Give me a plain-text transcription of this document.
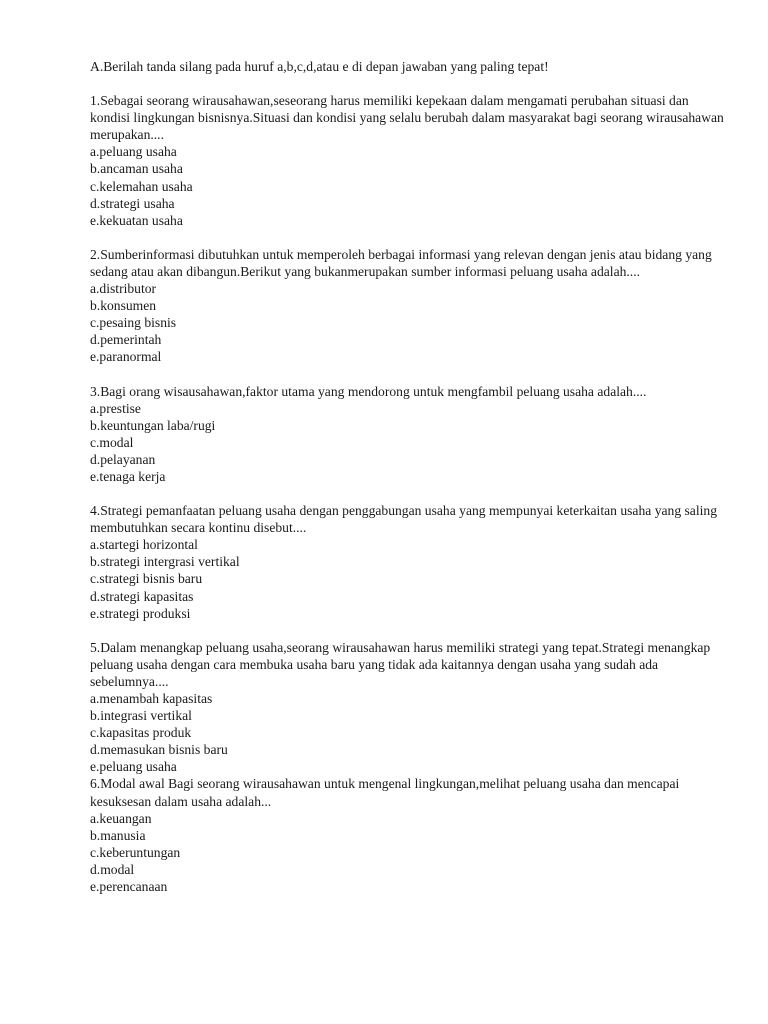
A.Berilah tanda silang pada huruf a,b,c,d,atau e di depan jawaban yang paling tepat!

1.Sebagai seorang wirausahawan,seseorang harus memiliki kepekaan dalam mengamati perubahan situasi dan kondisi lingkungan bisnisnya.Situasi dan kondisi yang selalu berubah dalam masyarakat bagi seorang wirausahawan merupakan....

a.peluang usaha
b.ancaman usaha
c.kelemahan usaha
d.strategi usaha
e.kekuatan usaha

2.Sumberinformasi dibutuhkan untuk memperoleh berbagai informasi yang relevan dengan jenis atau bidang yang sedang atau akan dibangun.Berikut yang bukanmerupakan sumber informasi peluang usaha adalah....

a.distributor
b.konsumen
c.pesaing bisnis
d.pemerintah
e.paranormal

3.Bagi orang wisausahawan,faktor utama yang mendorong untuk mengfambil peluang usaha adalah....

a.prestise
b.keuntungan laba/rugi
c.modal
d.pelayanan
e.tenaga kerja

4.Strategi pemanfaatan peluang usaha dengan penggabungan usaha yang mempunyai keterkaitan usaha yang saling membutuhkan secara kontinu disebut....

a.startegi horizontal
b.strategi intergrasi vertikal
c.strategi bisnis baru
d.strategi kapasitas
e.strategi produksi

5.Dalam menangkap peluang usaha,seorang wirausahawan harus memiliki strategi yang tepat.Strategi menangkap peluang usaha dengan cara membuka usaha baru yang tidak ada kaitannya dengan usaha yang sudah ada sebelumnya....

a.menambah kapasitas
b.integrasi vertikal
c.kapasitas produk
d.memasukan bisnis baru
e.peluang usaha

6.Modal awal Bagi seorang wirausahawan untuk mengenal lingkungan,melihat peluang usaha dan mencapai kesuksesan dalam usaha adalah...

a.keuangan
b.manusia
c.keberuntungan
d.modal
e.perencanaan
